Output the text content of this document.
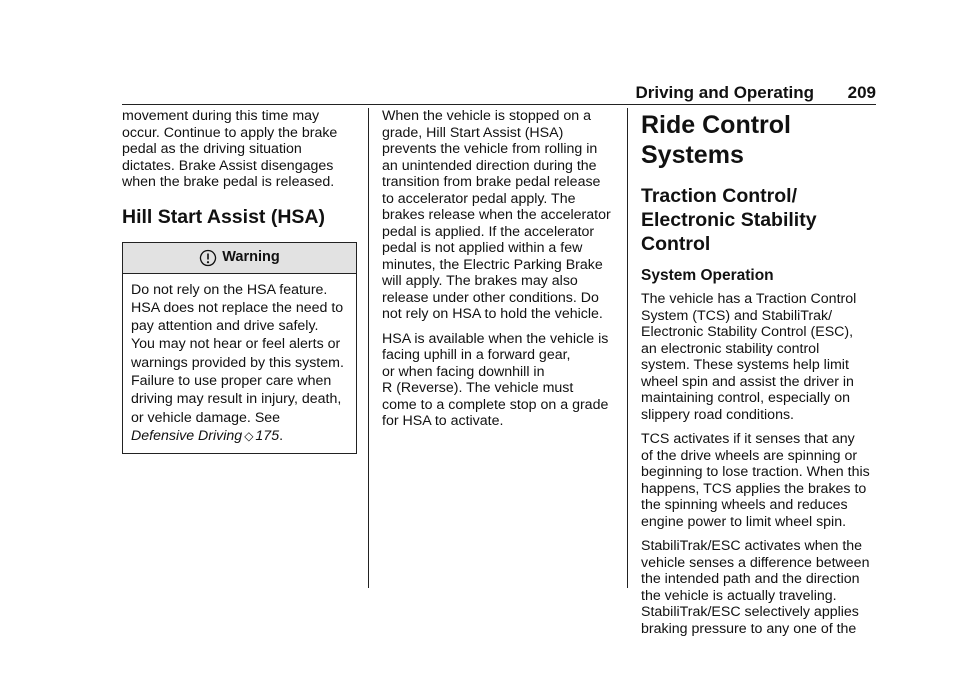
Driving and Operating 209

movement during this time may
occur. Continue to apply the brake
pedal as the driving situation
dictates. Brake Assist disengages
when the brake pedal is released.

Hill Start Assist (HSA)
Warning
Do not rely on the HSA feature.
HSA does not replace the need to
pay attention and drive safely.
You may not hear or feel alerts or
warnings provided by this system.
Failure to use proper care when
driving may result in injury, death,
or vehicle damage. See
Defensive Driving ◇ 175.

When the vehicle is stopped on a
grade, Hill Start Assist (HSA)
prevents the vehicle from rolling in
an unintended direction during the
transition from brake pedal release
to accelerator pedal apply. The
brakes release when the accelerator
pedal is applied. If the accelerator
pedal is not applied within a few
minutes, the Electric Parking Brake
will apply. The brakes may also
release under other conditions. Do
not rely on HSA to hold the vehicle.

HSA is available when the vehicle is
facing uphill in a forward gear,
or when facing downhill in
R (Reverse). The vehicle must
come to a complete stop on a grade
for HSA to activate.

Ride Control Systems
Traction Control/
Electronic Stability
Control
System Operation

The vehicle has a Traction Control
System (TCS) and StabiliTrak/
Electronic Stability Control (ESC),
an electronic stability control
system. These systems help limit
wheel spin and assist the driver in
maintaining control, especially on
slippery road conditions.

TCS activates if it senses that any
of the drive wheels are spinning or
beginning to lose traction. When this
happens, TCS applies the brakes to
the spinning wheels and reduces
engine power to limit wheel spin.

StabiliTrak/ESC activates when the
vehicle senses a difference between
the intended path and the direction
the vehicle is actually traveling.
StabiliTrak/ESC selectively applies
braking pressure to any one of the
